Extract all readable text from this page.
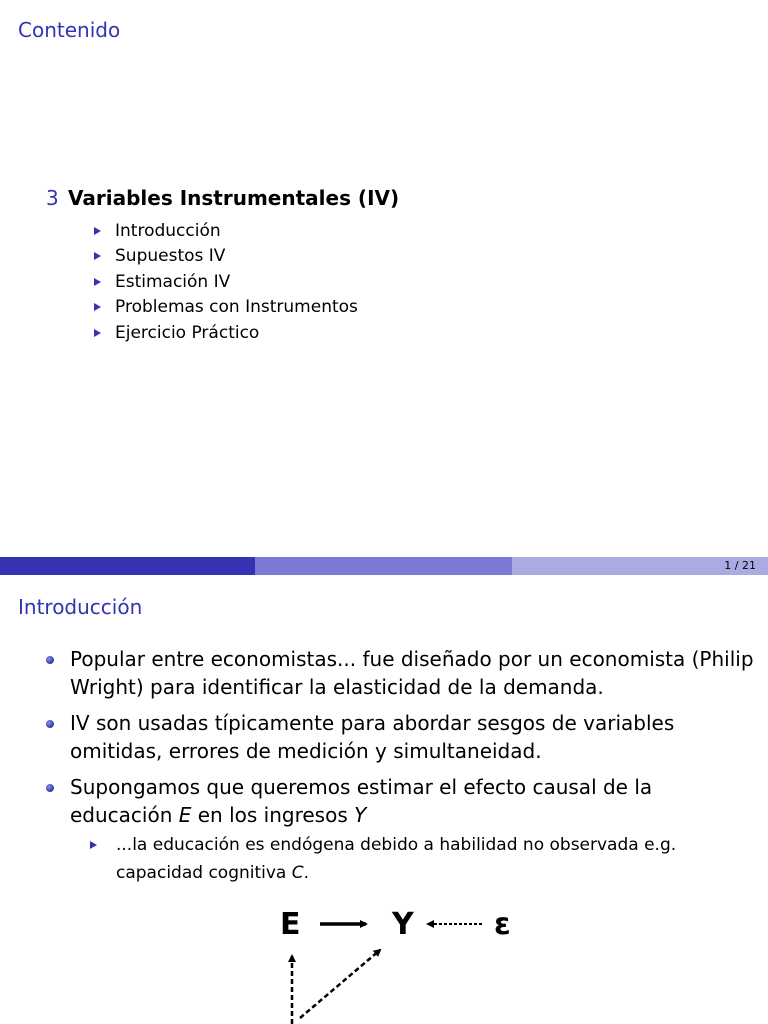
Contenido
3 Variables Instrumentales (IV)
Introducción
Supuestos IV
Estimación IV
Problemas con Instrumentos
Ejercicio Práctico
1 / 21
Introducción
Popular entre economistas... fue diseñado por un economista (Philip Wright) para identificar la elasticidad de la demanda.
IV son usadas típicamente para abordar sesgos de variables omitidas, errores de medición y simultaneidad.
Supongamos que queremos estimar el efecto causal de la educación E en los ingresos Y
...la educación es endógena debido a habilidad no observada e.g. capacidad cognitiva C.
E	Y	ε
